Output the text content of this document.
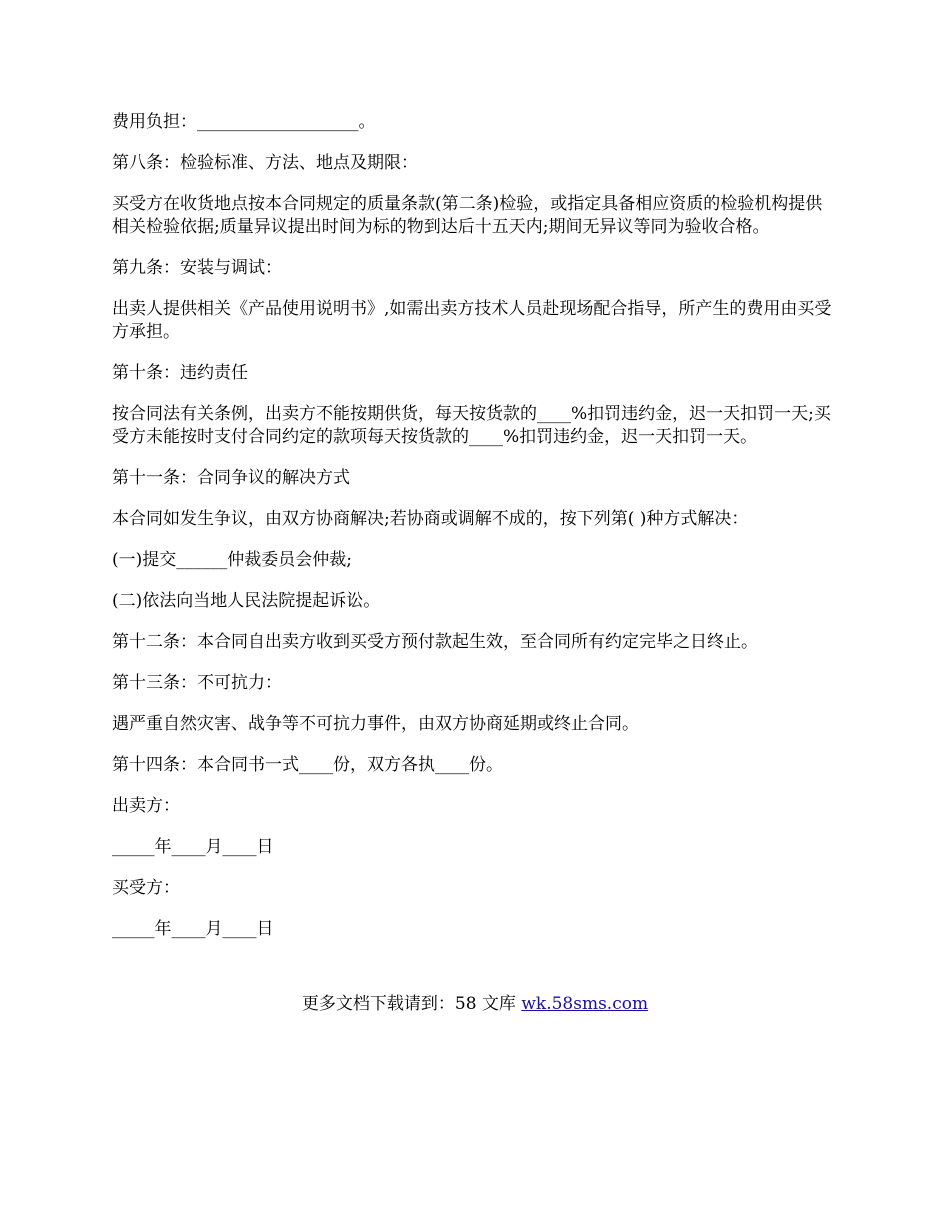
费用负担：___________________。

第八条：检验标准、方法、地点及期限：

买受方在收货地点按本合同规定的质量条款(第二条)检验，或指定具备相应资质的检验机构提供相关检验依据;质量异议提出时间为标的物到达后十五天内;期间无异议等同为验收合格。

第九条：安装与调试：

出卖人提供相关《产品使用说明书》,如需出卖方技术人员赴现场配合指导，所产生的费用由买受方承担。

第十条：违约责任

按合同法有关条例，出卖方不能按期供货，每天按货款的____%扣罚违约金，迟一天扣罚一天;买受方未能按时支付合同约定的款项每天按货款的____%扣罚违约金，迟一天扣罚一天。

第十一条：合同争议的解决方式

本合同如发生争议，由双方协商解决;若协商或调解不成的，按下列第( )种方式解决：

(一)提交______仲裁委员会仲裁;

(二)依法向当地人民法院提起诉讼。

第十二条：本合同自出卖方收到买受方预付款起生效，至合同所有约定完毕之日终止。

第十三条：不可抗力：

遇严重自然灾害、战争等不可抗力事件，由双方协商延期或终止合同。

第十四条：本合同书一式____份，双方各执____份。

出卖方：

_____年____月____日

买受方：

_____年____月____日

更多文档下载请到：58 文库 wk.58sms.com
